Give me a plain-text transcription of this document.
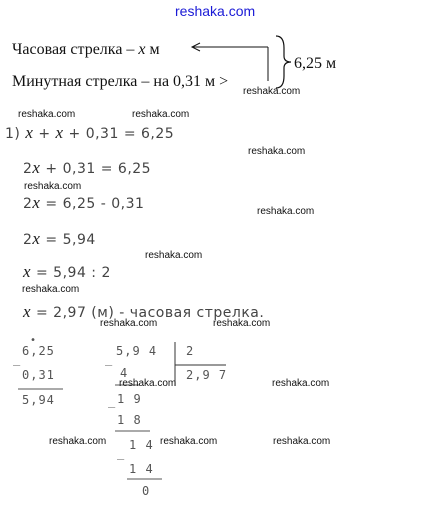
reshaka.com
Часовая стрелка – x м
Минутная стрелка – на 0,31 м >
6,25 м
reshaka.com
reshaka.com	reshaka.com
1) x + x + 0,31 = 6,25
reshaka.com
2x + 0,31 = 6,25
reshaka.com
2x = 6,25 - 0,31	reshaka.com
2x = 5,94
reshaka.com
x = 5,94 : 2
reshaka.com
x = 2,97 (м) - часовая стрелка.
reshaka.com	reshaka.com
•
_
6,25
0,31
5,94
_
5,9 4 2
2,9 7
4
_ 1 9
1 8
_
1 4
1 4
0
reshaka.com	reshaka.com
reshaka.com	reshaka.com	reshaka.com
